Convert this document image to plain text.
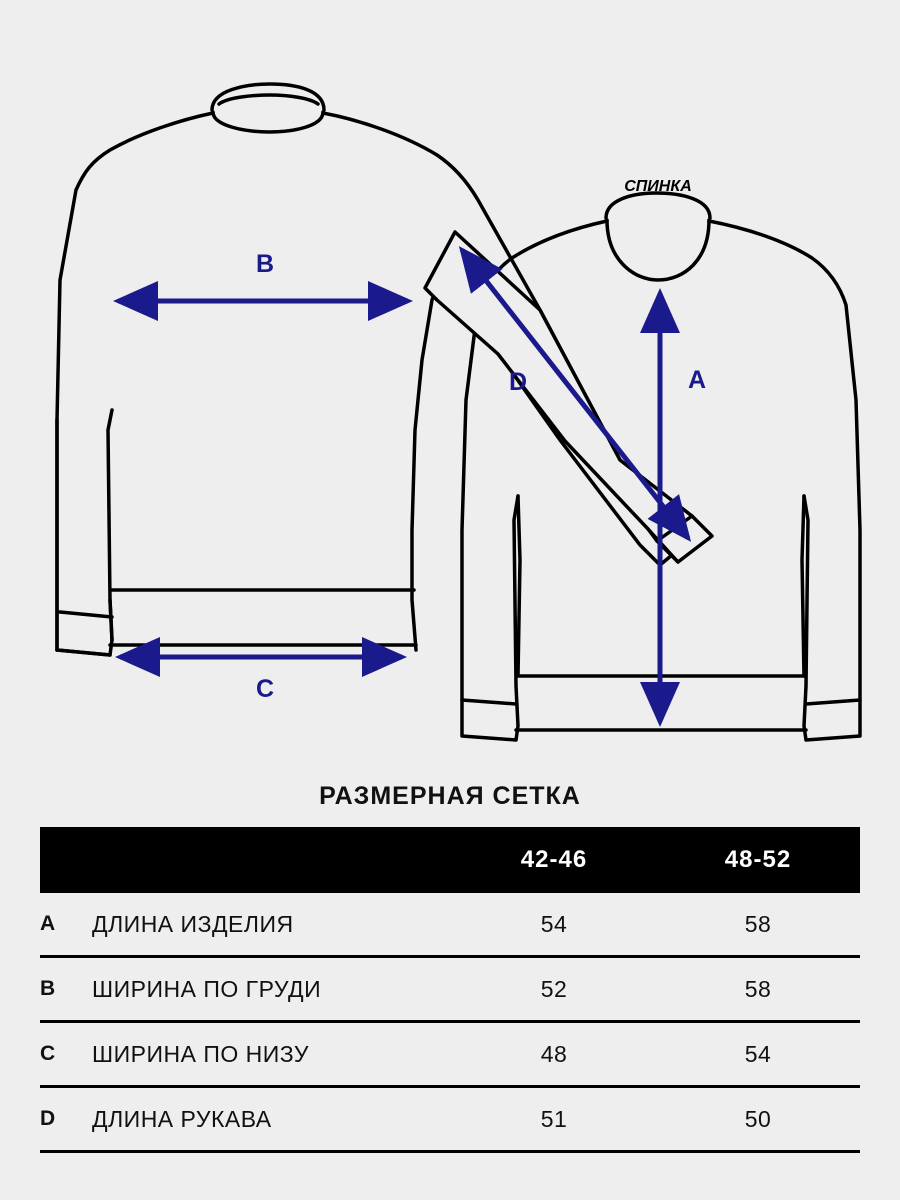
B
C
D	A
СПИНКА
РАЗМЕРНАЯ СЕТКА
		42-46	48-52
A	ДЛИНА ИЗДЕЛИЯ	54	58
B	ШИРИНА ПО ГРУДИ	52	58
C	ШИРИНА ПО НИЗУ	48	54
D	ДЛИНА РУКАВА	51	50
